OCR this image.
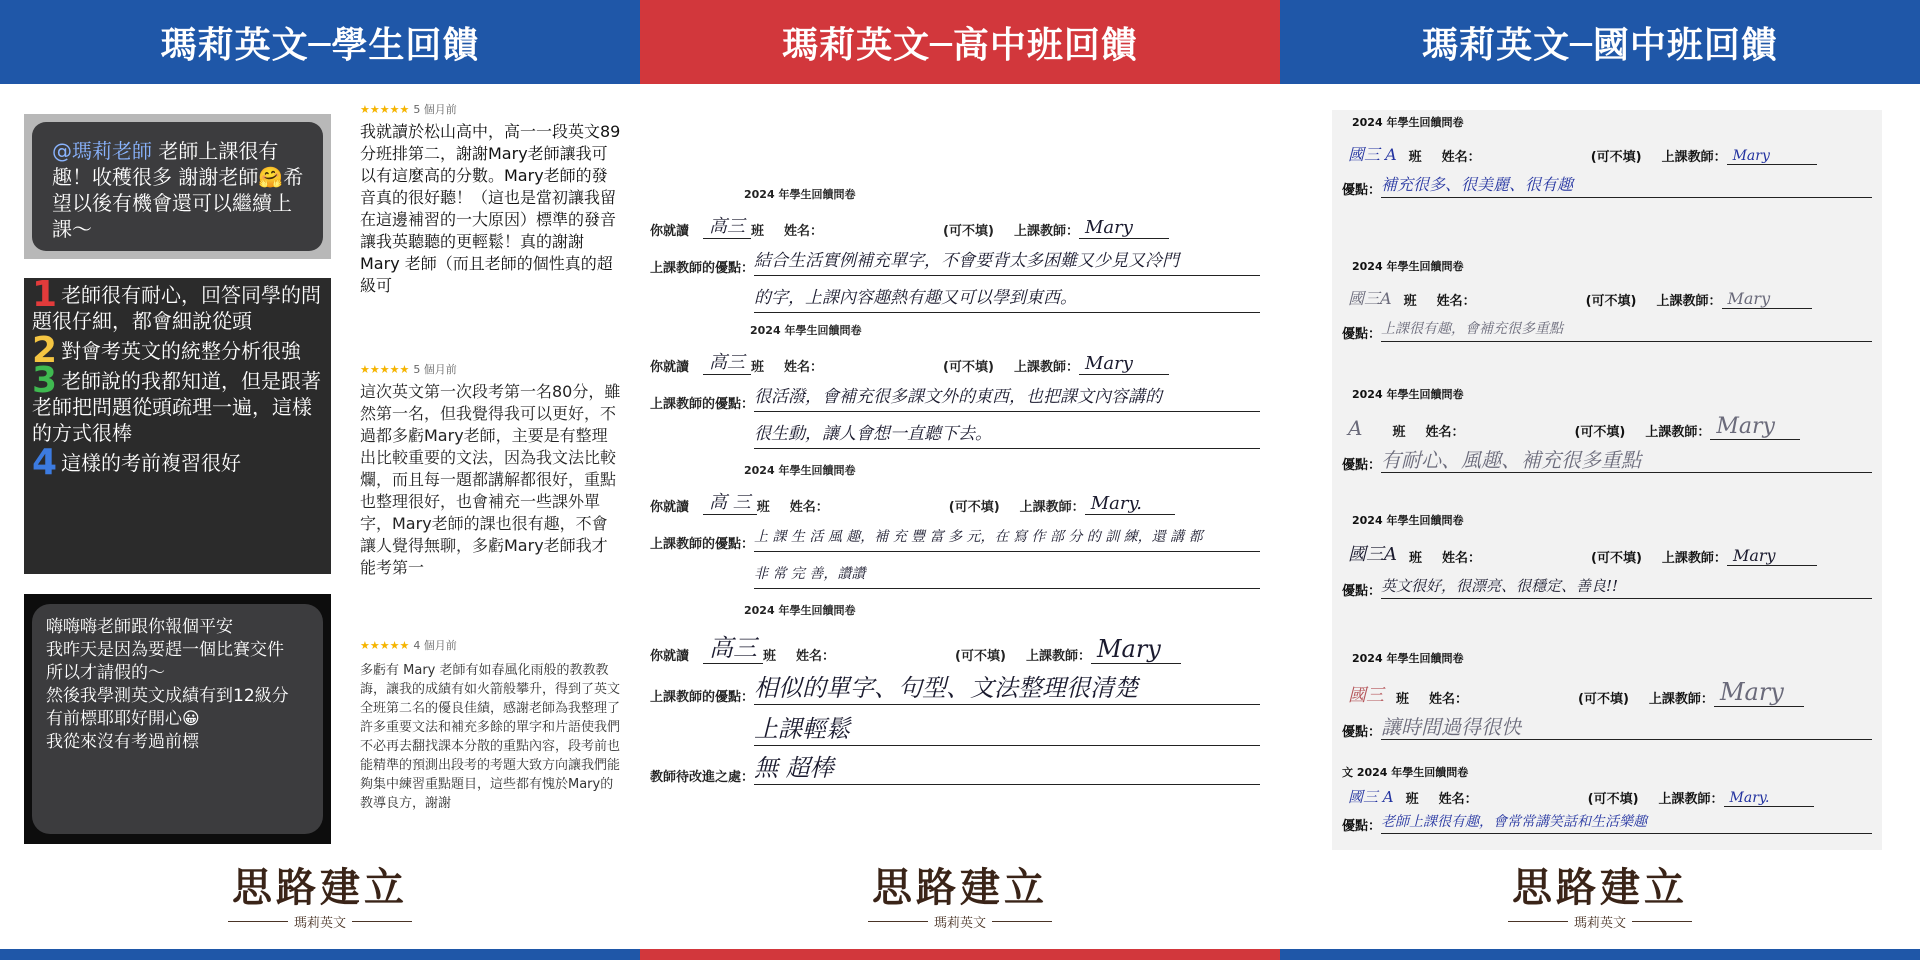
瑪莉英文─學生回饋
@瑪莉老師 老師上課很有趣！收穫很多 謝謝老師🤗希望以後有機會還可以繼續上課～
1 老師很有耐心，回答同學的問題很仔細，都會細說從頭
2 對會考英文的統整分析很強
3 老師說的我都知道，但是跟著老師把問題從頭疏理一遍，這樣的方式很棒
4 這樣的考前複習很好
嗨嗨嗨老師跟你報個平安
我昨天是因為要趕一個比賽交件
所以才請假的～
然後我學測英文成績有到12級分
有前標耶耶好開心😀
我從來沒有考過前標
★★★★★ 5 個月前
我就讀於松山高中，高一一段英文89分班排第二，謝謝Mary老師讓我可以有這麼高的分數。Mary老師的發音真的很好聽！（這也是當初讓我留在這邊補習的一大原因）標準的發音讓我英聽聽的更輕鬆！真的謝謝Mary 老師（而且老師的個性真的超級可
★★★★★ 5 個月前
這次英文第一次段考第一名80分，雖然第一名，但我覺得我可以更好，不過都多虧Mary老師，主要是有整理出比較重要的文法，因為我文法比較爛，而且每一題都講解都很好，重點也整理很好，也會補充一些課外單字，Mary老師的課也很有趣，不會讓人覺得無聊，多虧Mary老師我才能考第一
★★★★★ 4 個月前
多虧有 Mary 老師有如春風化雨般的教教教誨，讓我的成績有如火箭般攀升，得到了英文全班第二名的優良佳績，感謝老師為我整理了許多重要文法和補充多餘的單字和片語使我們不必再去翻找課本分散的重點內容，段考前也能精準的預測出段考的考題大致方向讓我們能夠集中練習重點題目，這些都有愧於Mary的教導良方，謝謝
思路建立
瑪莉英文
瑪莉英文─高中班回饋
2024 年學生回饋問卷
你就讀	高三 班 姓名：	(可不填) 上課教師： Mary
上課教師的優點： 結合生活實例補充單字，不會要背太多困難又少見又冷門
的字，上課內容趣熱有趣又可以學到東西。
2024 年學生回饋問卷
你就讀	高三 班 姓名：	(可不填) 上課教師： Mary
上課教師的優點： 很活潑，會補充很多課文外的東西，也把課文內容講的
很生動，讓人會想一直聽下去。
2024 年學生回饋問卷
你就讀	高 三 班 姓名：	(可不填) 上課教師： Mary.
上課教師的優點： 上 課 生 活 風 趣，補 充 豐 富 多 元，在 寫 作 部 分 的 訓 練，還 講 都
非 常 完 善，讚讚
2024 年學生回饋問卷
你就讀 高三 班 姓名：	(可不填) 上課教師： Mary
上課教師的優點： 相似的單字、句型、文法整理很清楚
上課輕鬆
教師待改進之處： 無 超棒
思路建立
瑪莉英文
瑪莉英文─國中班回饋
2024 年學生回饋問卷
國三 A 班 姓名：	(可不填) 上課教師： Mary
優點： 補充很多、很美麗、很有趣
2024 年學生回饋問卷
國三A 班 姓名：	(可不填) 上課教師： Mary
優點： 上課很有趣，會補充很多重點
2024 年學生回饋問卷
A	班 姓名：	(可不填) 上課教師： Mary
優點： 有耐心、風趣、補充很多重點
2024 年學生回饋問卷
國三A 班 姓名：	(可不填) 上課教師： Mary
優點： 英文很好，很漂亮、很穩定、善良!!
2024 年學生回饋問卷
國三 班 姓名：	(可不填) 上課教師： Mary
優點： 讓時間過得很快
文 2024 年學生回饋問卷
國三 A 班 姓名：	(可不填) 上課教師： Mary.
優點： 老師上課很有趣，會常常講笑話和生活樂趣
思路建立
瑪莉英文
